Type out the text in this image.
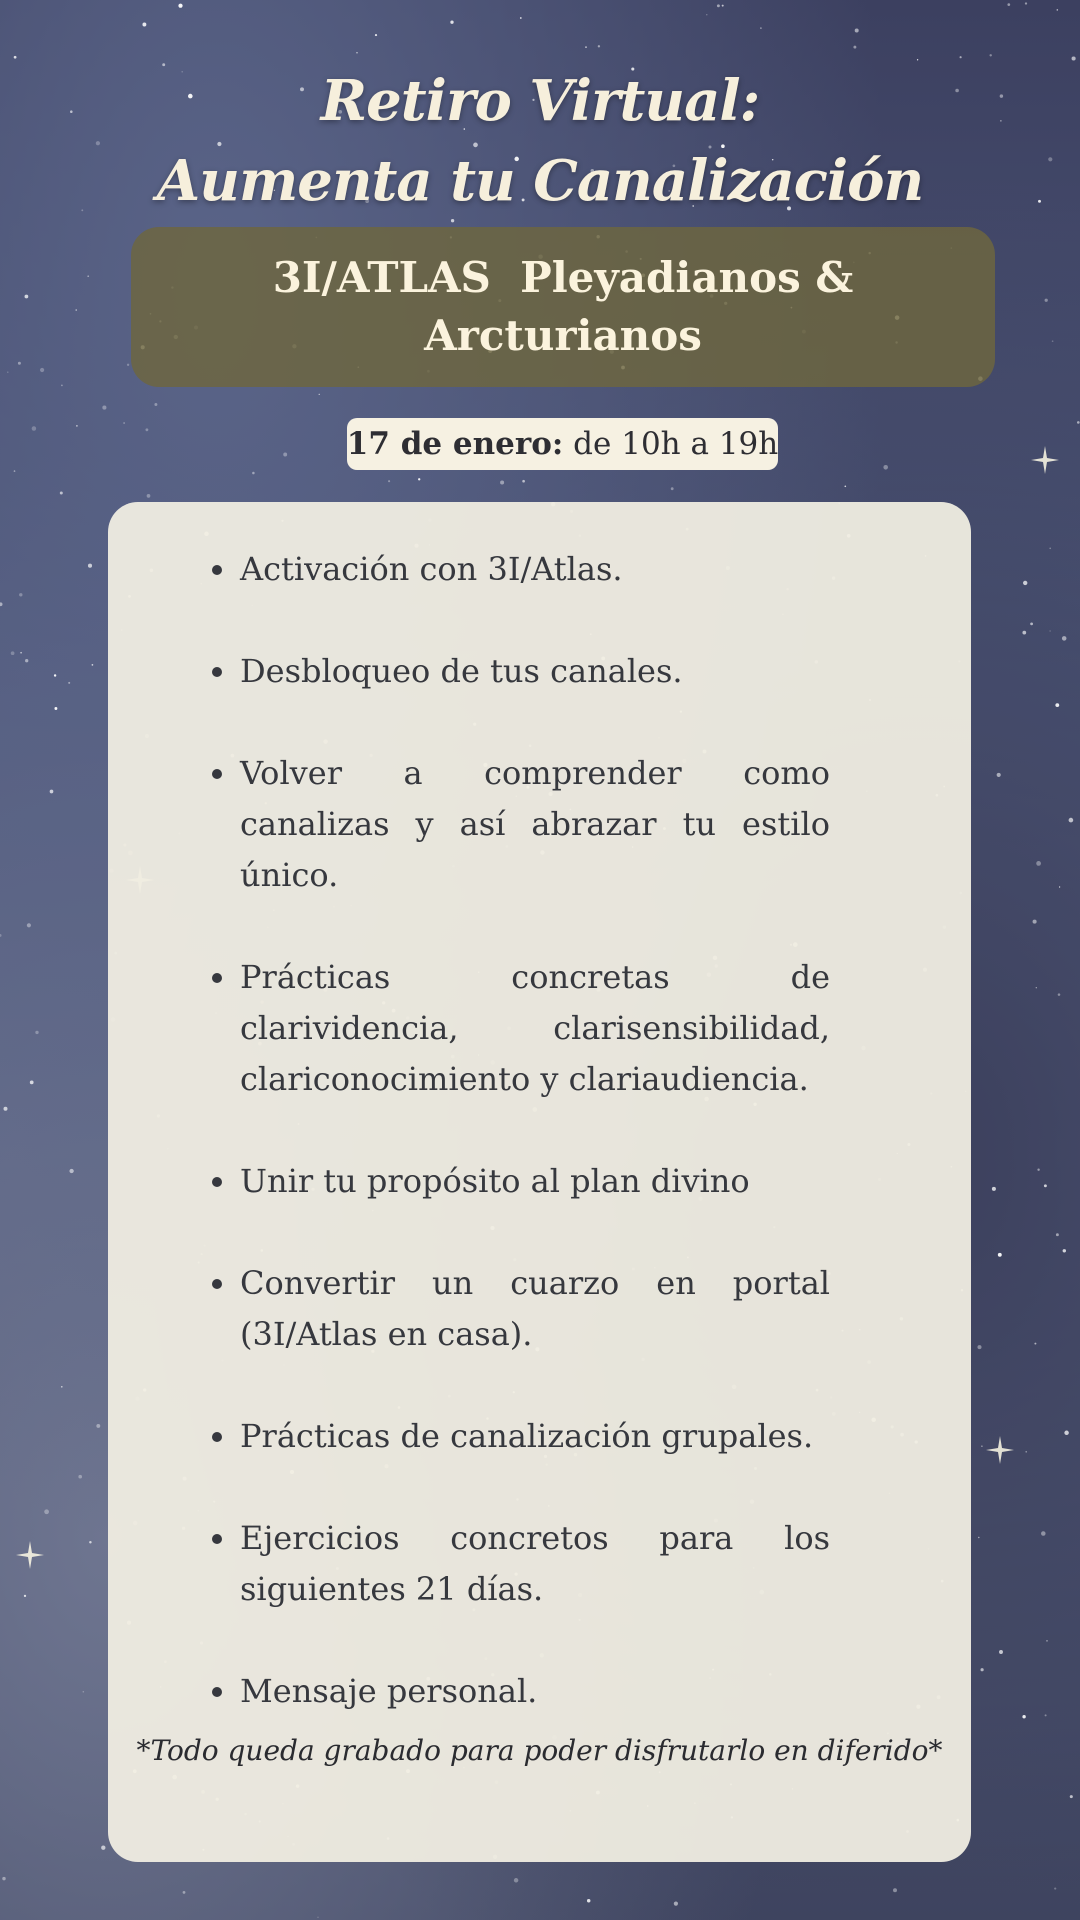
Retiro Virtual:
Aumenta tu Canalización
3I/ATLAS  Pleyadianos &
Arcturianos
17 de enero: de 10h a 19h
Activación con 3I/Atlas.
Desbloqueo de tus canales.
Volver a comprender como canalizas y así abrazar tu estilo único.
Prácticas concretas de clarividencia, clarisensibilidad, clariconocimiento y clariaudiencia.
Unir tu propósito al plan divino
Convertir un cuarzo en portal (3I/Atlas en casa).
Prácticas de canalización grupales.
Ejercicios concretos para los siguientes 21 días.
Mensaje personal.
*Todo queda grabado para poder disfrutarlo en diferido*
